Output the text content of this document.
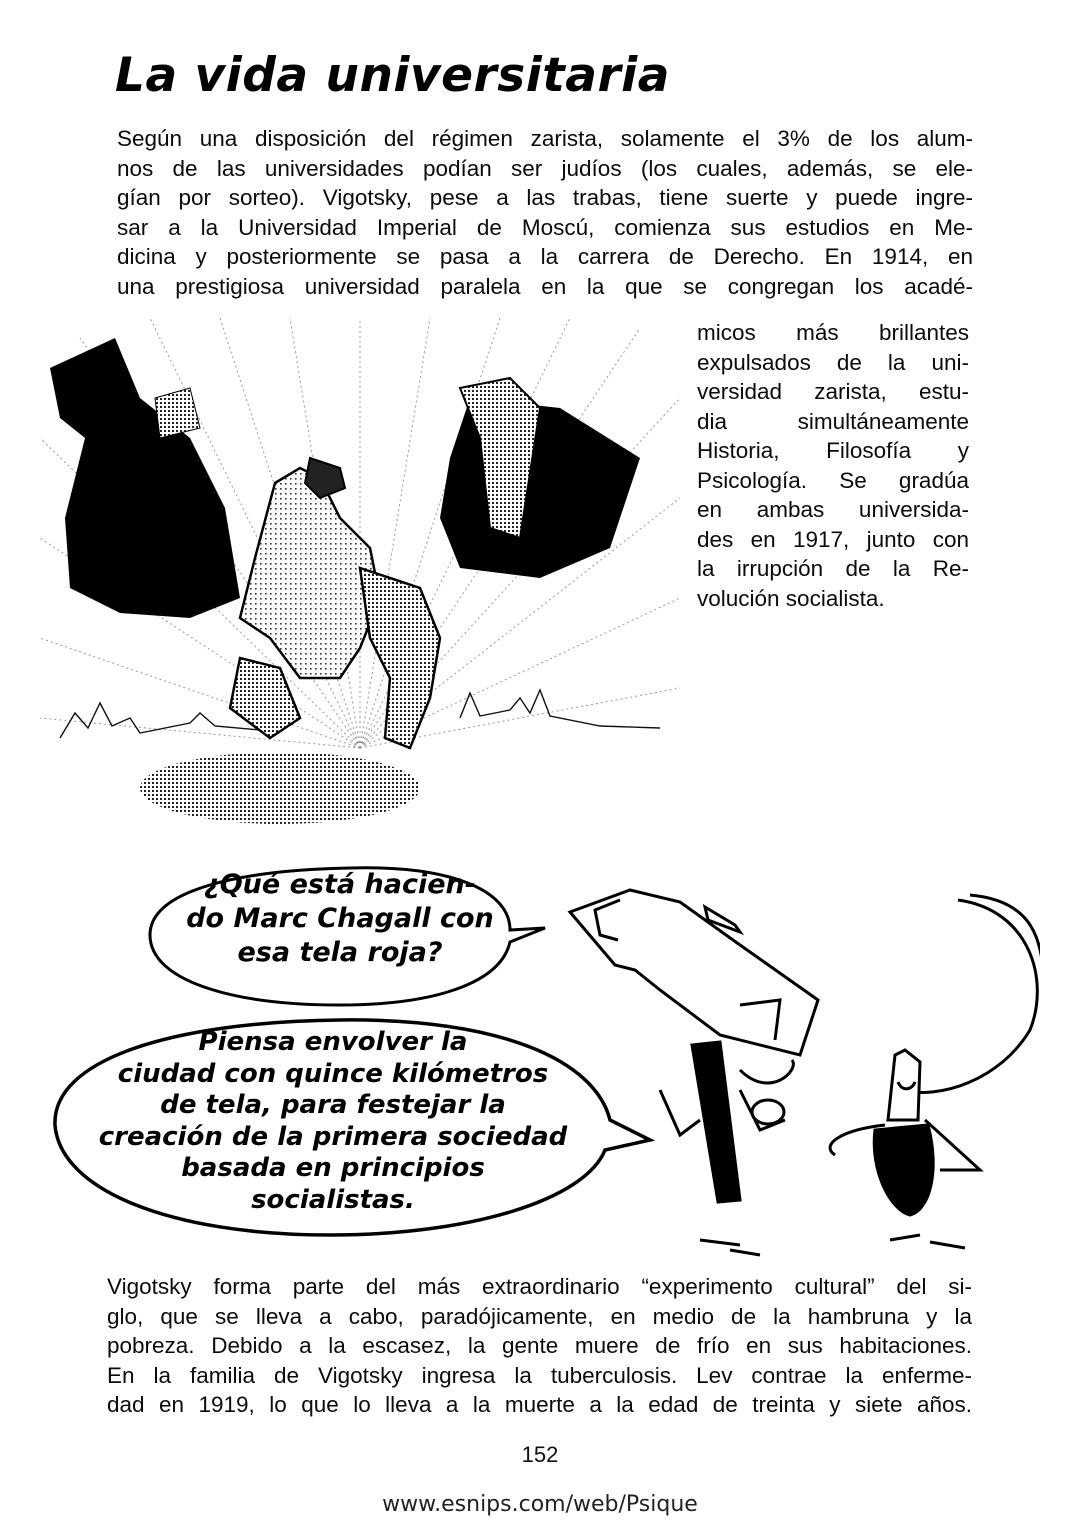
La vida universitaria
Según una disposición del régimen zarista, solamente el 3% de los alum-
nos de las universidades podían ser judíos (los cuales, además, se ele-
gían por sorteo). Vigotsky, pese a las trabas, tiene suerte y puede ingre-
sar a la Universidad Imperial de Moscú, comienza sus estudios en Me-
dicina y posteriormente se pasa a la carrera de Derecho. En 1914, en
una prestigiosa universidad paralela en la que se congregan los acadé-
micos más brillantes
expulsados de la uni-
versidad zarista, estu-
dia simultáneamente
Historia, Filosofía y
Psicología. Se gradúa
en ambas universida-
des en 1917, junto con
la irrupción de la Re-
volución socialista.
¿Qué está hacien-
do Marc Chagall con
esa tela roja?
Piensa envolver la
ciudad con quince kilómetros
de tela, para festejar la
creación de la primera sociedad
basada en principios
socialistas.
Vigotsky forma parte del más extraordinario “experimento cultural” del si-
glo, que se lleva a cabo, paradójicamente, en medio de la hambruna y la
pobreza. Debido a la escasez, la gente muere de frío en sus habitaciones.
En la familia de Vigotsky ingresa la tuberculosis. Lev contrae la enferme-
dad en 1919, lo que lo lleva a la muerte a la edad de treinta y siete años.
152
www.esnips.com/web/Psique
